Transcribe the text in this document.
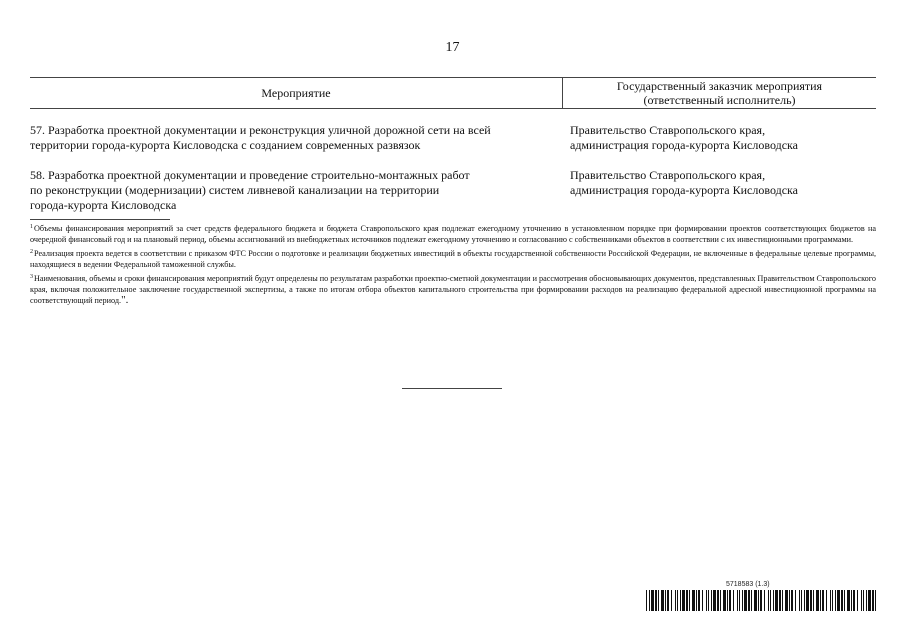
17
Мероприятие	Государственный заказчик мероприятия
(ответственный исполнитель)
57. Разработка проектной документации и реконструкция уличной дорожной сети на всей
территории города-курорта Кисловодска с созданием современных развязок
Правительство Ставропольского края,
администрация города-курорта Кисловодска
58. Разработка проектной документации и проведение строительно-монтажных работ
по реконструкции (модернизации) систем ливневой канализации на территории
города-курорта Кисловодска
Правительство Ставропольского края,
администрация города-курорта Кисловодска

$^1$Объемы финансирования мероприятий за счет средств федерального бюджета и бюджета Ставропольского края подлежат ежегодному уточнению в установленном порядке при формировании проектов соответствующих бюджетов на очередной финансовый год и на плановый период, объемы ассигнований из внебюджетных источников подлежат ежегодному уточнению и согласованию с собственниками объектов в соответствии с их инвестиционными программами.

$^2$Реализация проекта ведется в соответствии с приказом ФТС России о подготовке и реализации бюджетных инвестиций в объекты государственной собственности Российской Федерации, не включенные в федеральные целевые программы, находящиеся в ведении Федеральной таможенной службы.

$^3$Наименования, объемы и сроки финансирования мероприятий будут определены по результатам разработки проектно-сметной документации и рассмотрения обосновывающих документов, представленных Правительством Ставропольского края, включая положительное заключение государственной экспертизы, а также по итогам отбора объектов капитального строительства при формировании расходов на реализацию федеральной адресной инвестиционной программы на соответствующий период.".

5718583 (1.3)
